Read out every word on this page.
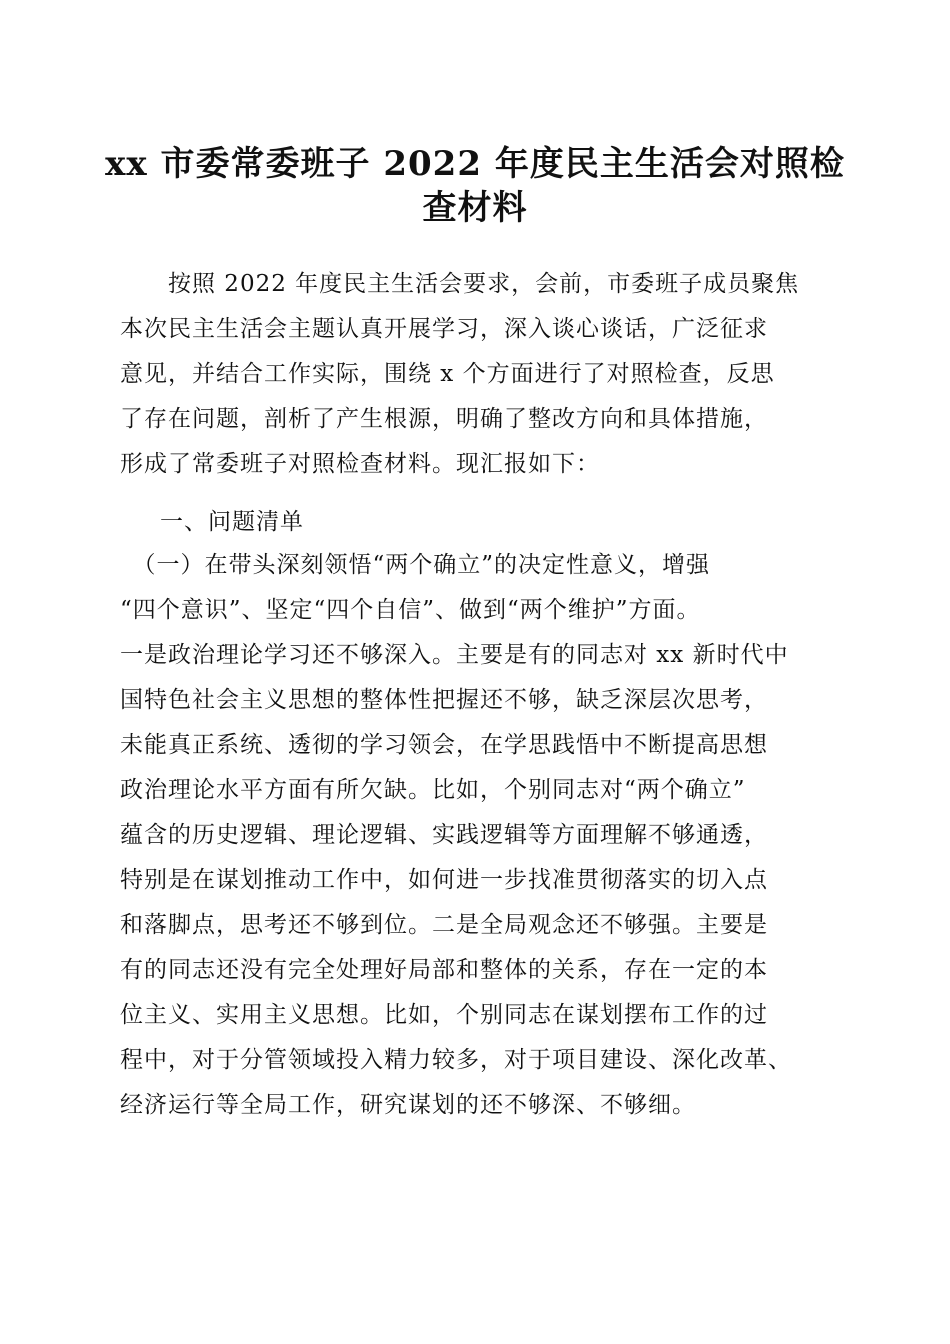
xx 市委常委班子 2022 年度民主生活会对照检
查材料
　　按照 2022 年度民主生活会要求，会前，市委班子成员聚焦
本次民主生活会主题认真开展学习，深入谈心谈话，广泛征求
意见，并结合工作实际，围绕 x 个方面进行了对照检查，反思
了存在问题，剖析了产生根源，明确了整改方向和具体措施，
形成了常委班子对照检查材料。现汇报如下：
一、问题清单
　（一）在带头深刻领悟“两个确立”的决定性意义，增强
“四个意识”、坚定“四个自信”、做到“两个维护”方面。
一是政治理论学习还不够深入。主要是有的同志对 xx 新时代中
国特色社会主义思想的整体性把握还不够，缺乏深层次思考，
未能真正系统、透彻的学习领会，在学思践悟中不断提高思想
政治理论水平方面有所欠缺。比如，个别同志对“两个确立”
蕴含的历史逻辑、理论逻辑、实践逻辑等方面理解不够通透，
特别是在谋划推动工作中，如何进一步找准贯彻落实的切入点
和落脚点，思考还不够到位。二是全局观念还不够强。主要是
有的同志还没有完全处理好局部和整体的关系，存在一定的本
位主义、实用主义思想。比如，个别同志在谋划摆布工作的过
程中，对于分管领域投入精力较多，对于项目建设、深化改革、
经济运行等全局工作，研究谋划的还不够深、不够细。
